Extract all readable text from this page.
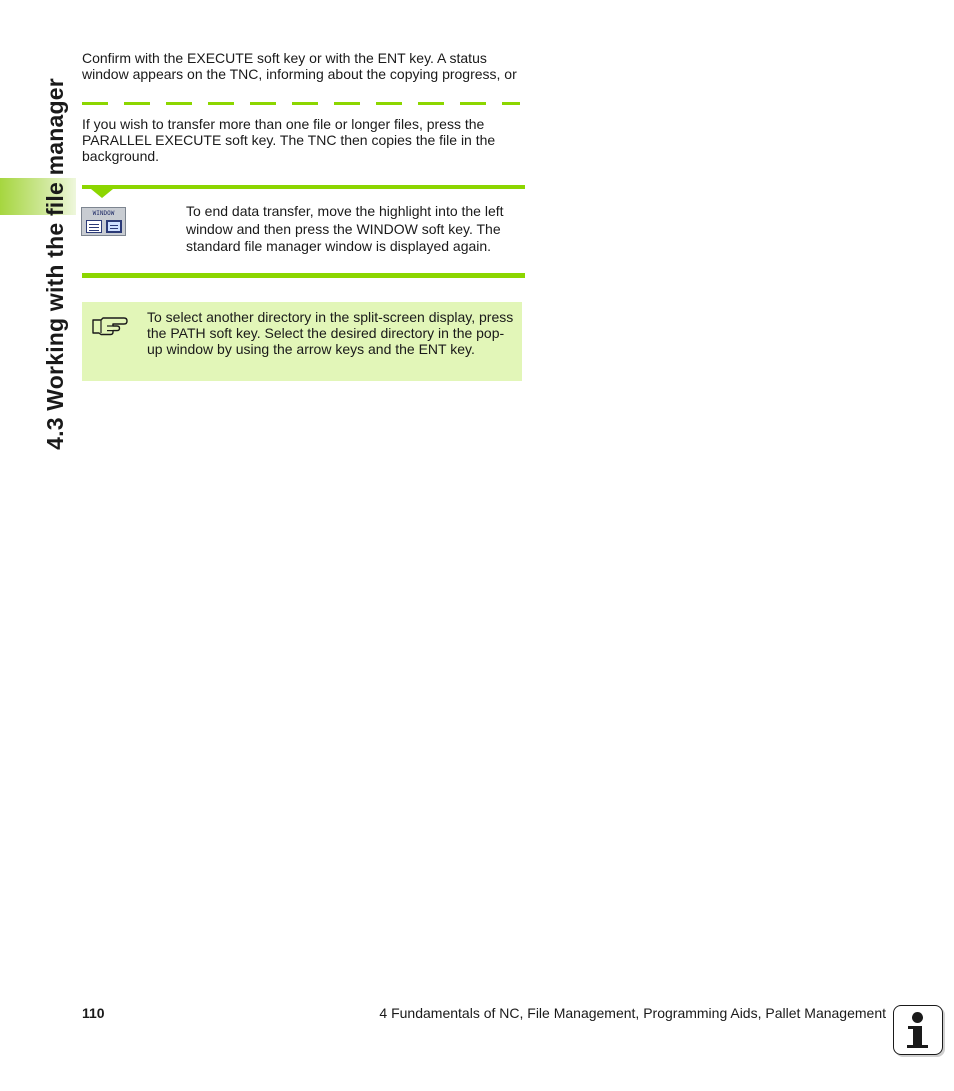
4.3 Working with the file manager
Confirm with the EXECUTE soft key or with the ENT key. A status window appears on the TNC, informing about the copying progress, or
If you wish to transfer more than one file or longer files, press the PARALLEL EXECUTE soft key. The TNC then copies the file in the background.
WINDOW	To end data transfer, move the highlight into the left window and then press the WINDOW soft key. The standard file manager window is displayed again.
To select another directory in the split-screen display, press the PATH soft key. Select the desired directory in the pop-up window by using the arrow keys and the ENT key.
110	4 Fundamentals of NC, File Management, Programming Aids, Pallet Management
